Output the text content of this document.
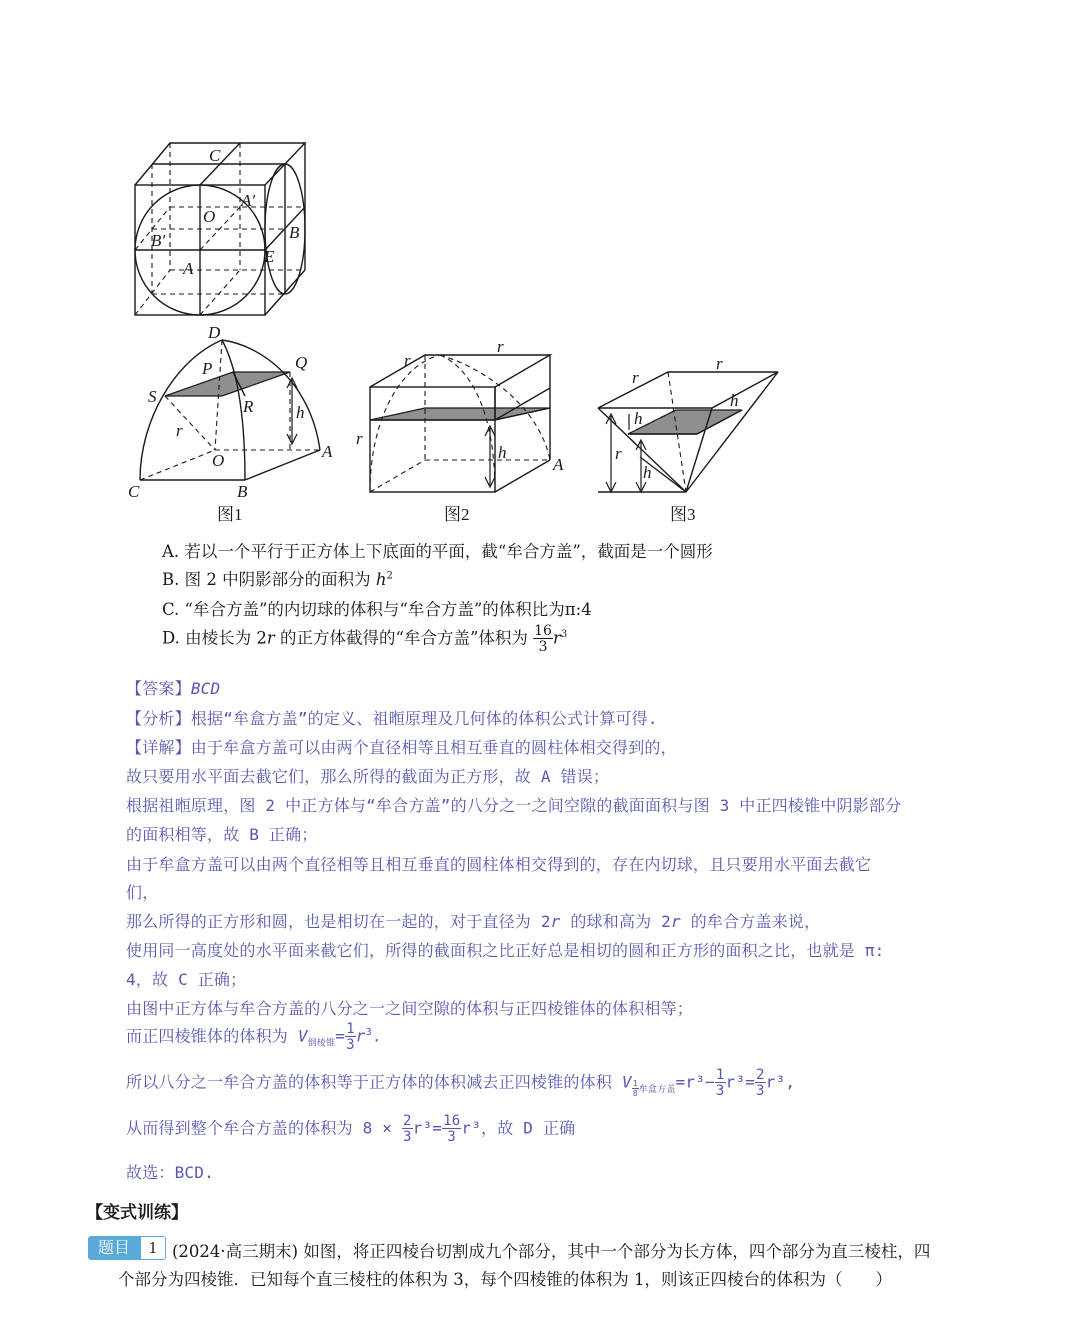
C
O
A′
B′	B
E
A
D
P	Q
S
R	h
r
O	A
C	B
图1
r
r
r
h
A
图2
r
r
h
h
r
h
图3
A. 若以一个平行于正方体上下底面的平面，截“牟合方盖”，截面是一个圆形
B. 图 2 中阴影部分的面积为 $h^2$
C. “牟合方盖”的内切球的体积与“牟合方盖”的体积比为π:4
D. 由棱长为 2r 的正方体截得的“牟合方盖”体积为 $\frac{16}{3} r^3$
【答案】BCD
【分析】根据“牟盒方盖”的定义、祖暅原理及几何体的体积公式计算可得.
【详解】由于牟盒方盖可以由两个直径相等且相互垂直的圆柱体相交得到的，
故只要用水平面去截它们，那么所得的截面为正方形，故 A 错误；
根据祖暅原理，图 2 中正方体与“牟合方盖”的八分之一之间空隙的截面面积与图 3 中正四棱锥中阴影部分
的面积相等，故 B 正确；
由于牟盒方盖可以由两个直径相等且相互垂直的圆柱体相交得到的，存在内切球，且只要用水平面去截它
们，
那么所得的正方形和圆，也是相切在一起的，对于直径为 2r 的球和高为 2r 的牟合方盖来说，
使用同一高度处的水平面来截它们，所得的截面积之比正好总是相切的圆和正方形的面积之比，也就是 π:
4，故 C 正确；
由图中正方体与牟合方盖的八分之一之间空隙的体积与正四棱锥体的体积相等；
而正四棱锥体的体积为 $V_{倒棱锥}= \frac{1}{3} r^3$.
所以八分之一牟合方盖的体积等于正方体的体积减去正四棱锥的体积 V $_{\frac{1}{8} 牟盒方盖}=r^3- \frac{1}{3} r^3= \frac{2}{3} r^3$,
从而得到整个牟合方盖的体积为 $8 \times \frac{2}{3} r^3= \frac{16}{3} r^3$，故 D 正确
故选：BCD.
【变式训练】
题目	1 (2024·高三期末) 如图，将正四棱台切割成九个部分，其中一个部分为长方体，四个部分为直三棱柱，四
个部分为四棱锥．已知每个直三棱柱的体积为 3，每个四棱锥的体积为 1，则该正四棱台的体积为（　　）
